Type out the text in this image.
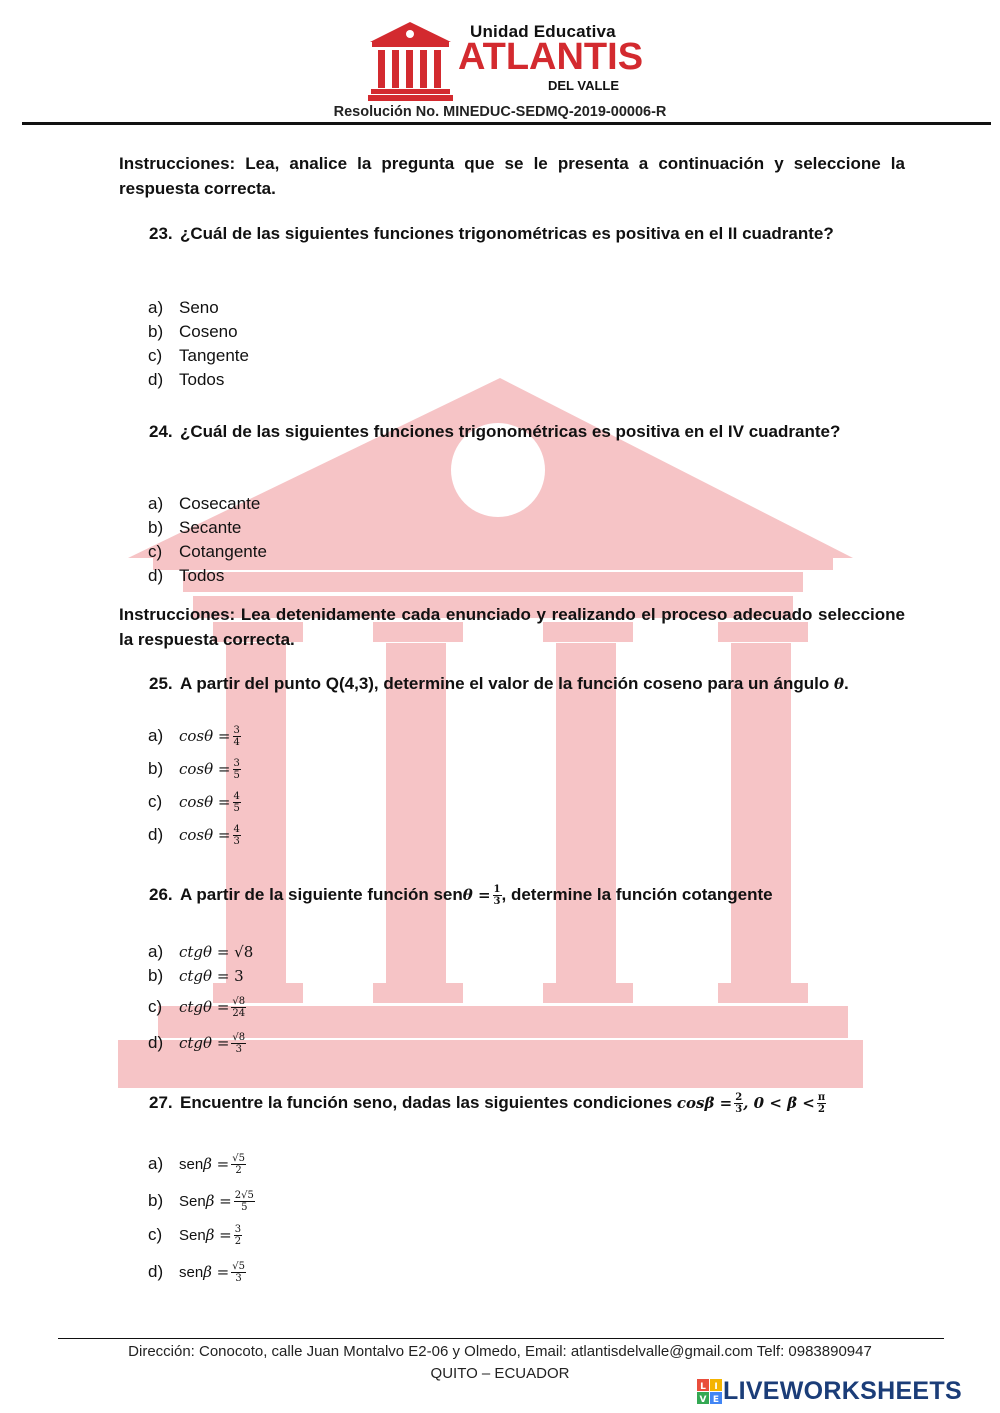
Unidad Educativa
ATLANTIS
DEL VALLE
Resolución No. MINEDUC-SEDMQ-2019-00006-R
Instrucciones: Lea, analice la pregunta que se le presenta a continuación y seleccione la respuesta correcta.
23. ¿Cuál de las siguientes funciones trigonométricas es positiva en el II cuadrante?
a) Seno
b) Coseno
c) Tangente
d) Todos
24. ¿Cuál de las siguientes funciones trigonométricas es positiva en el IV cuadrante?
a) Cosecante
b) Secante
c) Cotangente
d) Todos
Instrucciones: Lea detenidamente cada enunciado y realizando el proceso adecuado seleccione la respuesta correcta.
25. A partir del punto Q(4,3), determine el valor de la función coseno para un ángulo θ.
a) $\cos\theta = \frac{3}{4}$
b) $\cos\theta = \frac{3}{5}$
c) $\cos\theta = \frac{4}{5}$
d) $\cos\theta = \frac{4}{3}$
26. A partir de la siguiente función $sen\theta = \frac{1}{3}$ , determine la función cotangente
a) ctgθ = √8
b) ctgθ = 3
c) $ctg\theta = \frac{√8}{24}$
d) $ctg\theta = \frac{√8}{3}$
27. Encuentre la función seno, dadas las siguientes condiciones $\cos\beta = \frac{2}{3}$ , $0 < \beta < \frac{\pi}{2}$
a) $sen\beta = \frac{√5}{2}$
b) $Sen\beta = \frac{2√5}{5}$
c) $Sen\beta = \frac{3}{2}$
d) $sen\beta = \frac{√5}{3}$
Dirección: Conocoto, calle Juan Montalvo E2-06 y Olmedo, Email: atlantisdelvalle@gmail.com Telf: 0983890947
QUITO – ECUADOR
L I
V E LIVEWORKSHEETS
